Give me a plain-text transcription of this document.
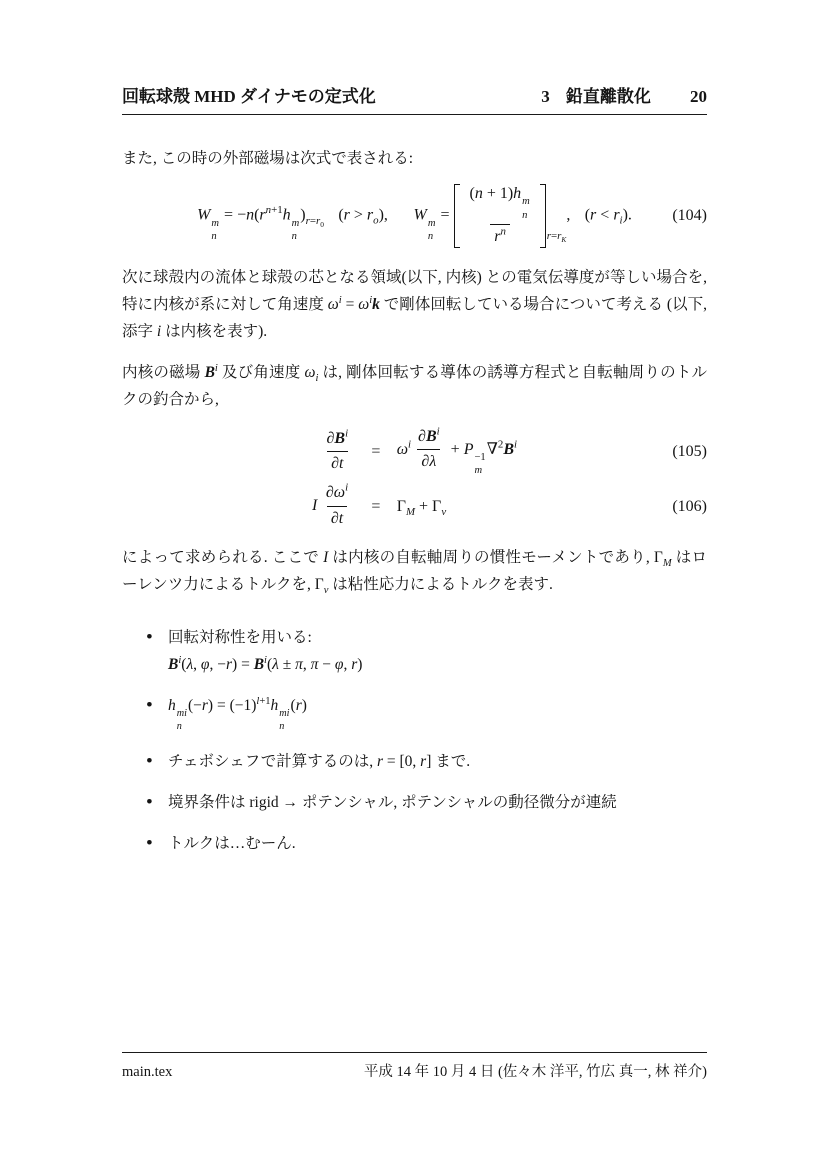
回転球殻 MHD ダイナモの定式化	3 鉛直離散化 20

また, この時の外部磁場は次式で表される:

W m
n
= $-n(r^{n+1}h$ m
n
)$_{r=r_0}(r > r_o)$, W m
n
= (n + 1)h m
n
$r^n$ $_{r=r_K}$, $(r < r_i)$.	(104)

次に球殻内の流体と球殻の芯となる領域(以下, 内核) との電気伝導度が等しい場合を, 特に内核が系に対して角速度 $\omega^i = \omega^ik$ で剛体回転している場合について考える (以下, 添字 i は内核を表す).

内核の磁場 $B^i$ 及び角速度 $\omega_i$ は, 剛体回転する導体の誘導方程式と自転軸周りのトルクの釣合から,

$\frac{\partial B^i}{\partial t} = \omega^i \frac{\partial B^i}{\partial\lambda} + P -1$
m
$\nabla^2B^i$	(105)
I $\frac{\partial\omega^i}{\partial t} = \Gamma_M + \Gamma_\nu$	(106)

によって求められる. ここで I は内核の自転軸周りの慣性モーメントであり, $\Gamma_M$ はローレンツ力によるトルクを, $\Gamma_\nu$ は粘性応力によるトルクを表す.

• 回転対称性を用いる:
$B^i(\lambda$, φ, $-r) = B^i(\lambda \pm \pi$, π − φ, r)
• h mi
n
$(-r) = (-1)^{l+1}h$ mi
n
(r)
• チェボシェフで計算するのは, r = [0, r] まで.
• 境界条件は rigid → ポテンシャル, ポテンシャルの動径微分が連続
• トルクは…むーん.
main.tex	平成 14 年 10 月 4 日 (佐々木 洋平, 竹広 真一, 林 祥介)
